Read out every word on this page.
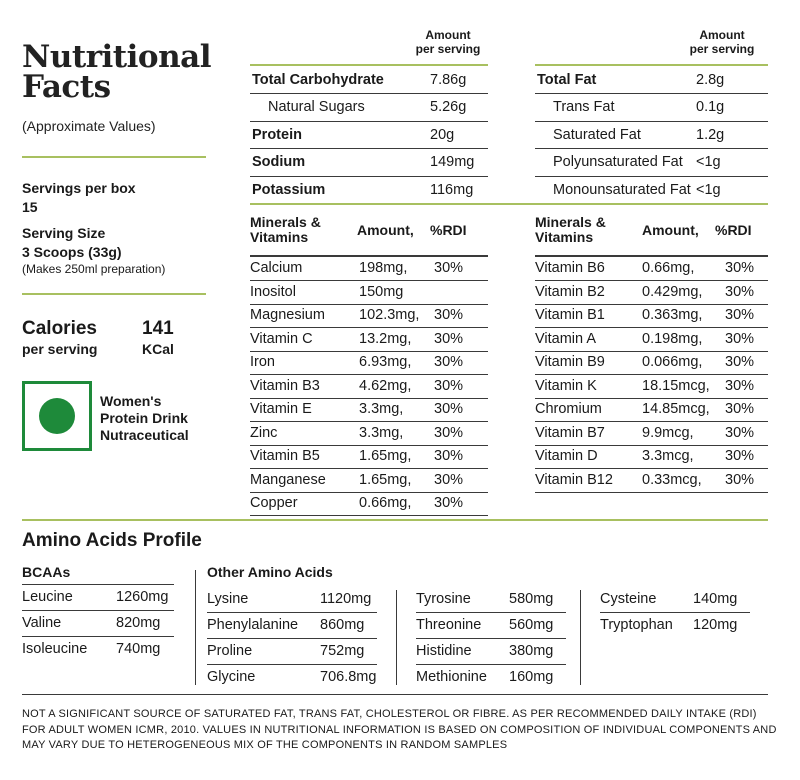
Nutritional
Facts
(Approximate Values)
Servings per box
15
Serving Size
3 Scoops (33g)
(Makes 250ml preparation)
Calories
per serving
141
KCal
Women's
Protein Drink
Nutraceutical
Amount
per serving
Amount
per serving
Total Carbohydrate	7.86g
Natural Sugars	5.26g
Protein	20g
Sodium	149mg
Potassium	116mg
Total Fat	2.8g
Trans Fat	0.1g
Saturated Fat	1.2g
Polyunsaturated Fat <1g
Monounsaturated Fat <1g
Minerals &
Vitamins	Amount, %RDI	Minerals &
Vitamins	Amount, %RDI
Calcium	198mg, 30%
Inositol	150mg
Magnesium 102.3mg, 30%
Vitamin C	13.2mg, 30%
Iron	6.93mg, 30%
Vitamin B3	4.62mg, 30%
Vitamin E	3.3mg, 30%
Zinc	3.3mg, 30%
Vitamin B5	1.65mg, 30%
Manganese 1.65mg, 30%
Copper	0.66mg, 30%
Vitamin B6	0.66mg, 30%
Vitamin B2	0.429mg, 30%
Vitamin B1	0.363mg, 30%
Vitamin A	0.198mg, 30%
Vitamin B9	0.066mg, 30%
Vitamin K	18.15mcg, 30%
Chromium	14.85mcg, 30%
Vitamin B7	9.9mcg, 30%
Vitamin D	3.3mcg, 30%
Vitamin B12 0.33mcg, 30%
Amino Acids Profile
BCAAs	Other Amino Acids
Leucine	1260mg
Valine	820mg
Isoleucine 740mg
Lysine	1120mg
Phenylalanine 860mg
Proline	752mg
Glycine	706.8mg
Tyrosine	580mg
Threonine 560mg
Histidine	380mg
Methionine 160mg
Cysteine	140mg
Tryptophan 120mg
NOT A SIGNIFICANT SOURCE OF SATURATED FAT, TRANS FAT, CHOLESTEROL OR FIBRE. AS PER RECOMMENDED DAILY INTAKE (RDI) FOR ADULT WOMEN ICMR, 2010. VALUES IN NUTRITIONAL INFORMATION IS BASED ON COMPOSITION OF INDIVIDUAL COMPONENTS AND MAY VARY DUE TO HETEROGENEOUS MIX OF THE COMPONENTS IN RANDOM SAMPLES
